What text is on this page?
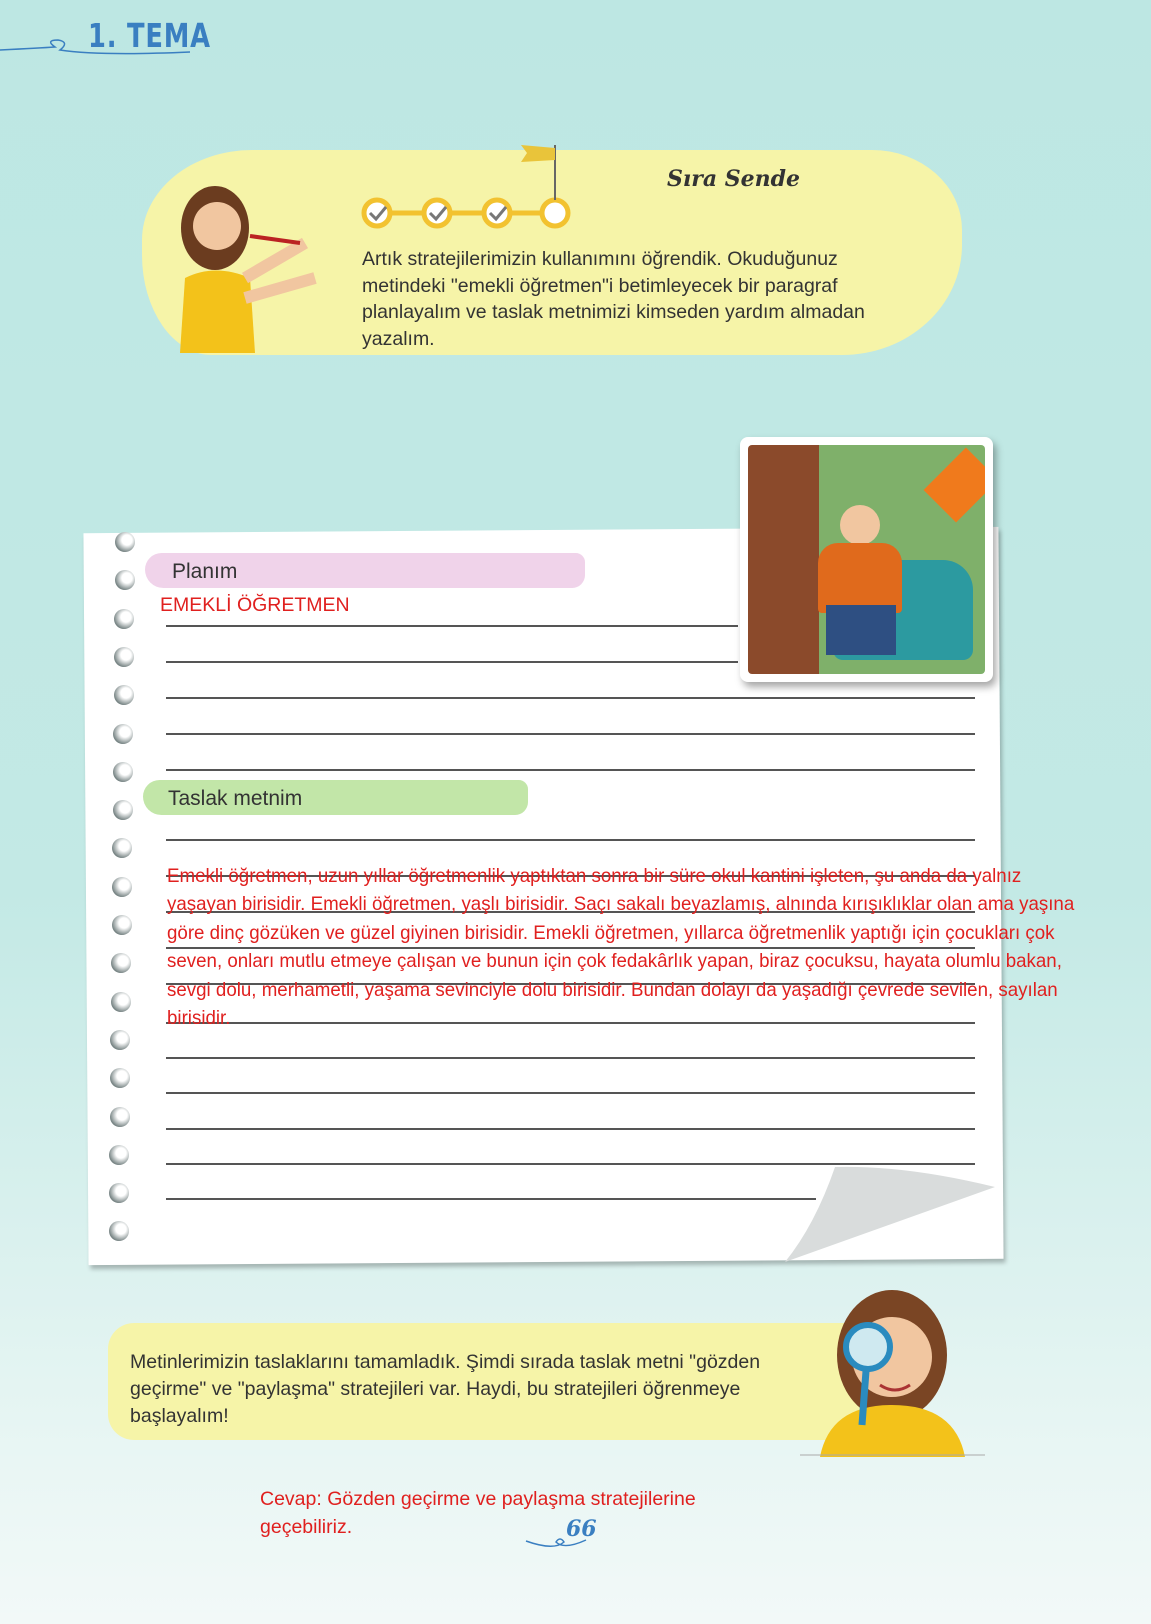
1. TEMA
Sıra Sende
Artık stratejilerimizin kullanımını öğrendik. Okuduğunuz metindeki "emekli öğretmen"i betimleyecek bir paragraf planlayalım ve taslak metnimizi kimseden yardım almadan yazalım.
Planım
EMEKLİ ÖĞRETMEN
Taslak metnim
Emekli öğretmen, uzun yıllar öğretmenlik yaptıktan sonra bir süre okul kantini işleten, şu anda da yalnız yaşayan birisidir. Emekli öğretmen, yaşlı birisidir. Saçı sakalı beyazlamış, alnında kırışıklıklar olan ama yaşına göre dinç gözüken ve güzel giyinen birisidir. Emekli öğretmen, yıllarca öğretmenlik yaptığı için çocukları çok seven, onları mutlu etmeye çalışan ve bunun için çok fedakârlık yapan, biraz çocuksu, hayata olumlu bakan, sevgi dolu, merhametli, yaşama sevinciyle dolu birisidir. Bundan dolayı da yaşadığı çevrede sevilen, sayılan birisidir.
Metinlerimizin taslaklarını tamamladık. Şimdi sırada taslak metni "gözden geçirme" ve "paylaşma" stratejileri var. Haydi, bu stratejileri öğrenmeye başlayalım!
Cevap: Gözden geçirme ve paylaşma stratejilerine geçebiliriz.	66
